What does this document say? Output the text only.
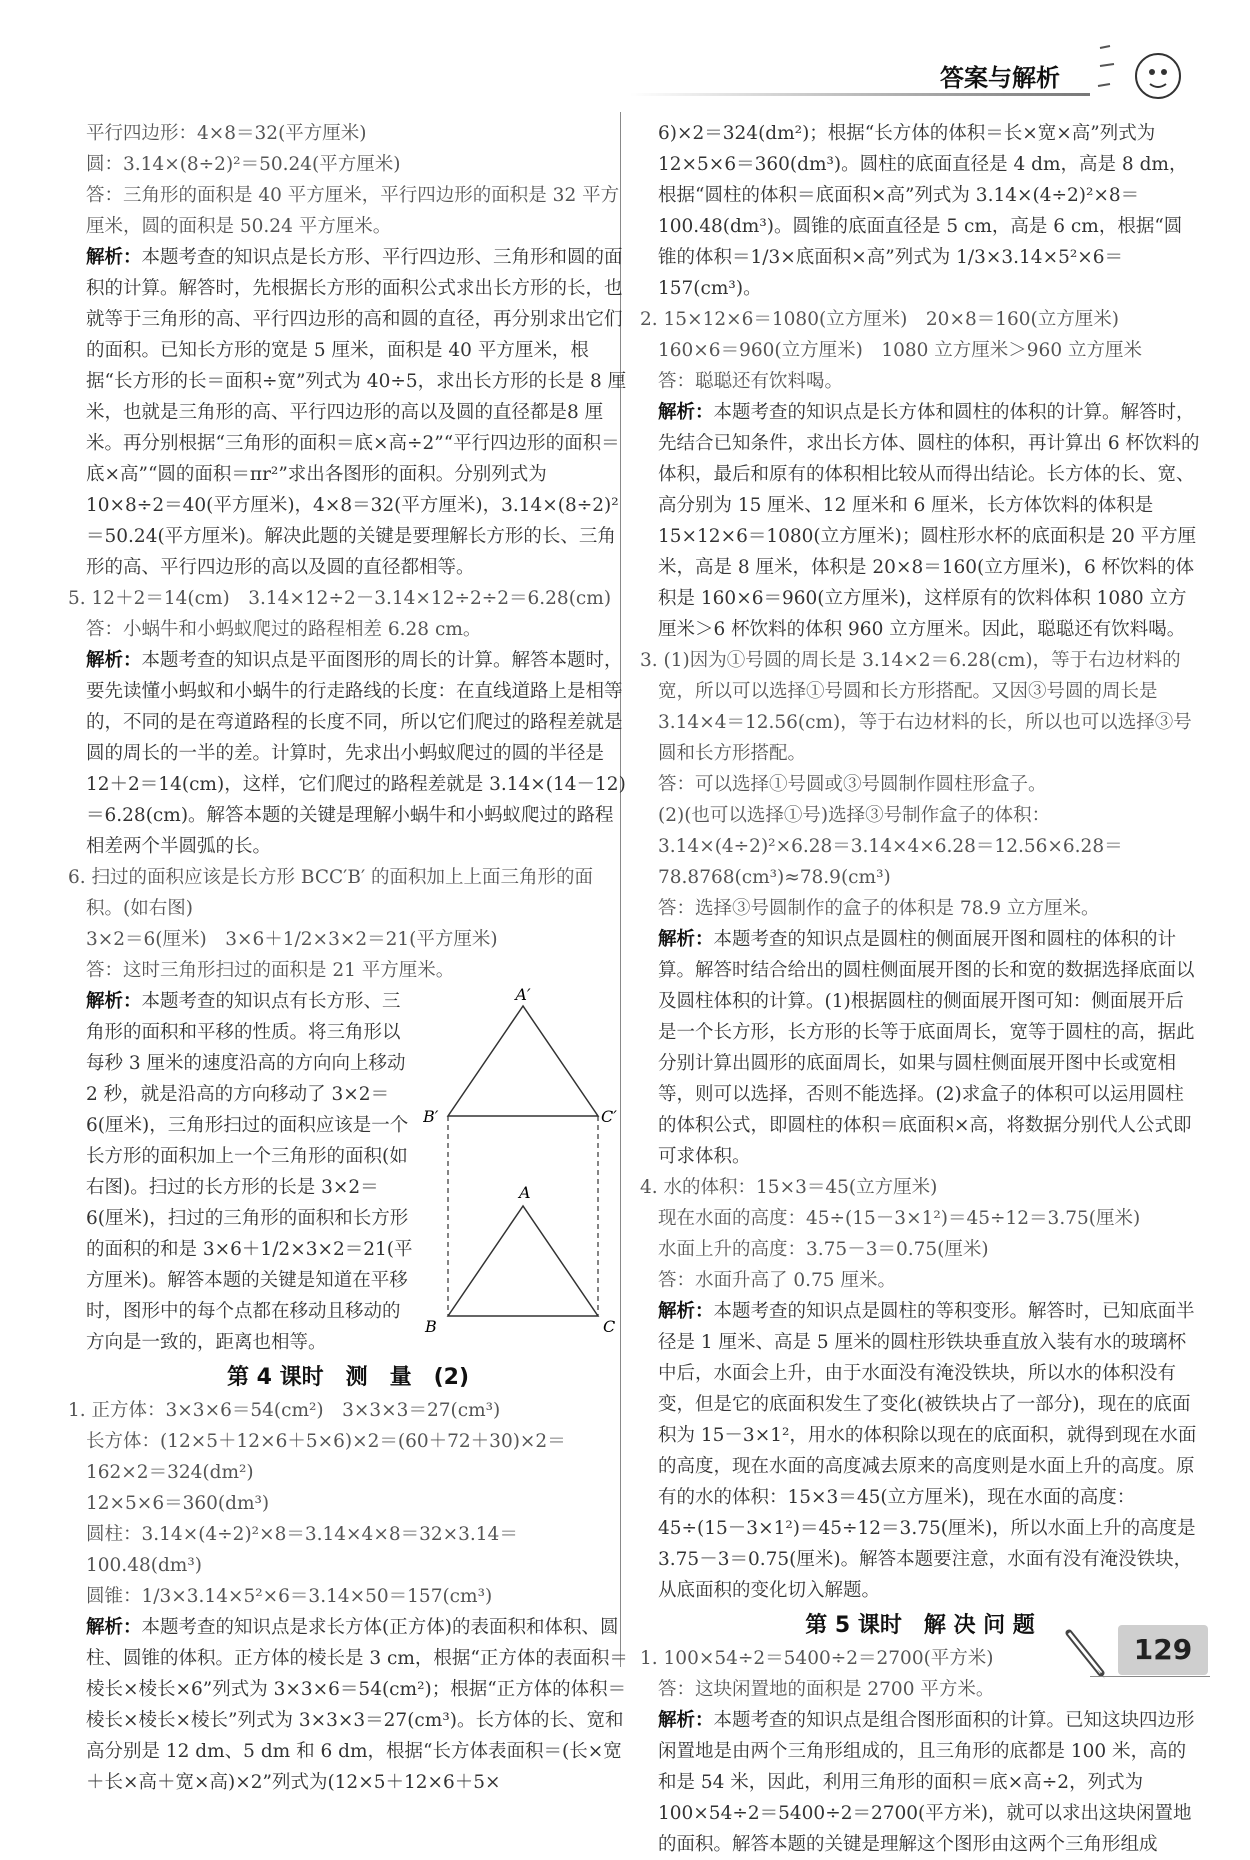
答案与解析

平行四边形：4×8＝32(平方厘米)

圆：3.14×(8÷2)²＝50.24(平方厘米)

答：三角形的面积是 40 平方厘米，平行四边形的面积是 32 平方厘米，圆的面积是 50.24 平方厘米。

解析：本题考查的知识点是长方形、平行四边形、三角形和圆的面积的计算。解答时，先根据长方形的面积公式求出长方形的长，也就等于三角形的高、平行四边形的高和圆的直径，再分别求出它们的面积。已知长方形的宽是 5 厘米，面积是 40 平方厘米，根据“长方形的长＝面积÷宽”列式为 40÷5，求出长方形的长是 8 厘米，也就是三角形的高、平行四边形的高以及圆的直径都是8 厘米。再分别根据“三角形的面积＝底×高÷2”“平行四边形的面积＝底×高”“圆的面积＝πr²”求出各图形的面积。分别列式为 10×8÷2＝40(平方厘米)，4×8＝32(平方厘米)，3.14×(8÷2)²＝50.24(平方厘米)。解决此题的关键是要理解长方形的长、三角形的高、平行四边形的高以及圆的直径都相等。

5. 12＋2＝14(cm)　3.14×12÷2－3.14×12÷2÷2＝6.28(cm)

答：小蜗牛和小蚂蚁爬过的路程相差 6.28 cm。

解析：本题考查的知识点是平面图形的周长的计算。解答本题时，要先读懂小蚂蚁和小蜗牛的行走路线的长度：在直线道路上是相等的，不同的是在弯道路程的长度不同，所以它们爬过的路程差就是圆的周长的一半的差。计算时，先求出小蚂蚁爬过的圆的半径是 12＋2＝14(cm)，这样，它们爬过的路程差就是 3.14×(14－12)＝6.28(cm)。解答本题的关键是理解小蜗牛和小蚂蚁爬过的路程相差两个半圆弧的长。

6. 扫过的面积应该是长方形 BCC′B′ 的面积加上上面三角形的面积。(如右图)

3×2＝6(厘米)　3×6＋1/2×3×2＝21(平方厘米)

答：这时三角形扫过的面积是 21 平方厘米。

解析：本题考查的知识点有长方形、三角形的面积和平移的性质。将三角形以每秒 3 厘米的速度沿高的方向向上移动 2 秒，就是沿高的方向移动了 3×2＝6(厘米)，三角形扫过的面积应该是一个长方形的面积加上一个三角形的面积(如右图)。扫过的长方形的长是 3×2＝6(厘米)，扫过的三角形的面积和长方形的面积的和是 3×6＋1/2×3×2＝21(平方厘米)。解答本题的关键是知道在平移时，图形中的每个点都在移动且移动的方向是一致的，距离也相等。

A′
B′	C′
A
B	C
第 4 课时　测　量　(2)

1. 正方体：3×3×6＝54(cm²)　3×3×3＝27(cm³)

长方体：(12×5＋12×6＋5×6)×2＝(60＋72＋30)×2＝162×2＝324(dm²)

12×5×6＝360(dm³)

圆柱：3.14×(4÷2)²×8＝3.14×4×8＝32×3.14＝100.48(dm³)

圆锥：1/3×3.14×5²×6＝3.14×50＝157(cm³)

解析：本题考查的知识点是求长方体(正方体)的表面积和体积、圆柱、圆锥的体积。正方体的棱长是 3 cm，根据“正方体的表面积＝棱长×棱长×6”列式为 3×3×6＝54(cm²)；根据“正方体的体积＝棱长×棱长×棱长”列式为 3×3×3＝27(cm³)。长方体的长、宽和高分别是 12 dm、5 dm 和 6 dm，根据“长方体表面积＝(长×宽＋长×高＋宽×高)×2”列式为(12×5＋12×6＋5×

6)×2＝324(dm²)；根据“长方体的体积＝长×宽×高”列式为 12×5×6＝360(dm³)。圆柱的底面直径是 4 dm，高是 8 dm，根据“圆柱的体积＝底面积×高”列式为 3.14×(4÷2)²×8＝100.48(dm³)。圆锥的底面直径是 5 cm，高是 6 cm，根据“圆锥的体积＝1/3×底面积×高”列式为 1/3×3.14×5²×6＝157(cm³)。

2. 15×12×6＝1080(立方厘米)　20×8＝160(立方厘米)

160×6＝960(立方厘米)　1080 立方厘米＞960 立方厘米

答：聪聪还有饮料喝。

解析：本题考查的知识点是长方体和圆柱的体积的计算。解答时，先结合已知条件，求出长方体、圆柱的体积，再计算出 6 杯饮料的体积，最后和原有的体积相比较从而得出结论。长方体的长、宽、高分别为 15 厘米、12 厘米和 6 厘米，长方体饮料的体积是 15×12×6＝1080(立方厘米)；圆柱形水杯的底面积是 20 平方厘米，高是 8 厘米，体积是 20×8＝160(立方厘米)，6 杯饮料的体积是 160×6＝960(立方厘米)，这样原有的饮料体积 1080 立方厘米＞6 杯饮料的体积 960 立方厘米。因此，聪聪还有饮料喝。

3. (1)因为①号圆的周长是 3.14×2＝6.28(cm)，等于右边材料的宽，所以可以选择①号圆和长方形搭配。又因③号圆的周长是 3.14×4＝12.56(cm)，等于右边材料的长，所以也可以选择③号圆和长方形搭配。

答：可以选择①号圆或③号圆制作圆柱形盒子。

(2)(也可以选择①号)选择③号制作盒子的体积：3.14×(4÷2)²×6.28＝3.14×4×6.28＝12.56×6.28＝78.8768(cm³)≈78.9(cm³)

答：选择③号圆制作的盒子的体积是 78.9 立方厘米。

解析：本题考查的知识点是圆柱的侧面展开图和圆柱的体积的计算。解答时结合给出的圆柱侧面展开图的长和宽的数据选择底面以及圆柱体积的计算。(1)根据圆柱的侧面展开图可知：侧面展开后是一个长方形，长方形的长等于底面周长，宽等于圆柱的高，据此分别计算出圆形的底面周长，如果与圆柱侧面展开图中长或宽相等，则可以选择，否则不能选择。(2)求盒子的体积可以运用圆柱的体积公式，即圆柱的体积＝底面积×高，将数据分别代人公式即可求体积。

4. 水的体积：15×3＝45(立方厘米)

现在水面的高度：45÷(15－3×1²)＝45÷12＝3.75(厘米)

水面上升的高度：3.75－3＝0.75(厘米)

答：水面升高了 0.75 厘米。

解析：本题考查的知识点是圆柱的等积变形。解答时，已知底面半径是 1 厘米、高是 5 厘米的圆柱形铁块垂直放入装有水的玻璃杯中后，水面会上升，由于水面没有淹没铁块，所以水的体积没有变，但是它的底面积发生了变化(被铁块占了一部分)，现在的底面积为 15－3×1²，用水的体积除以现在的底面积，就得到现在水面的高度，现在水面的高度减去原来的高度则是水面上升的高度。原有的水的体积：15×3＝45(立方厘米)，现在水面的高度：45÷(15－3×1²)＝45÷12＝3.75(厘米)，所以水面上升的高度是 3.75－3＝0.75(厘米)。解答本题要注意，水面有没有淹没铁块，从底面积的变化切入解题。

第 5 课时　解 决 问 题

1. 100×54÷2＝5400÷2＝2700(平方米)

答：这块闲置地的面积是 2700 平方米。

解析：本题考查的知识点是组合图形面积的计算。已知这块四边形闲置地是由两个三角形组成的，且三角形的底都是 100 米，高的和是 54 米，因此，利用三角形的面积＝底×高÷2，列式为 100×54÷2＝5400÷2＝2700(平方米)，就可以求出这块闲置地的面积。解答本题的关键是理解这个图形由这两个三角形组成

129
